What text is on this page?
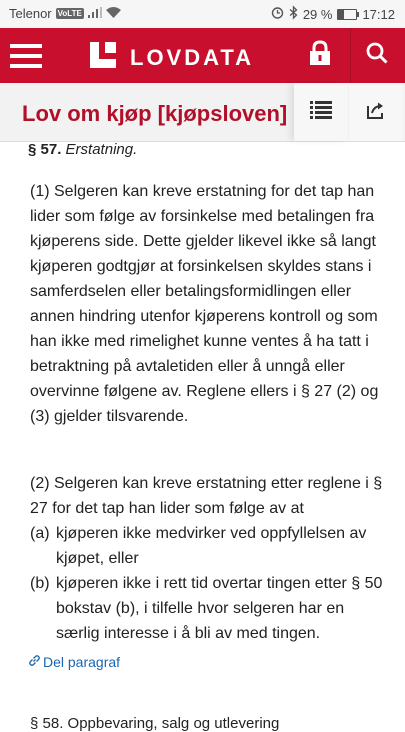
Telenor VoLTE	29 % 17:12
LOVDATA
Lov om kjøp [kjøpsloven]
§ 57. Erstatning.

(1) Selgeren kan kreve erstatning for det tap han lider som følge av forsinkelse med betalingen fra kjøperens side. Dette gjelder likevel ikke så langt kjøperen godtgjør at forsinkelsen skyldes stans i samferdselen eller betalingsformidlingen eller annen hindring utenfor kjøperens kontroll og som han ikke med rimelighet kunne ventes å ha tatt i betraktning på avtaletiden eller å unngå eller overvinne følgene av. Reglene ellers i § 27 (2) og (3) gjelder tilsvarende.

(2) Selgeren kan kreve erstatning etter reglene i § 27 for det tap han lider som følge av at

(a) kjøperen ikke medvirker ved oppfyllelsen av kjøpet, eller
(b) kjøperen ikke i rett tid overtar tingen etter § 50 bokstav (b), i tilfelle hvor selgeren har en særlig interesse i å bli av med tingen.
Del paragraf
§ 58. Oppbevaring, salg og utlevering
